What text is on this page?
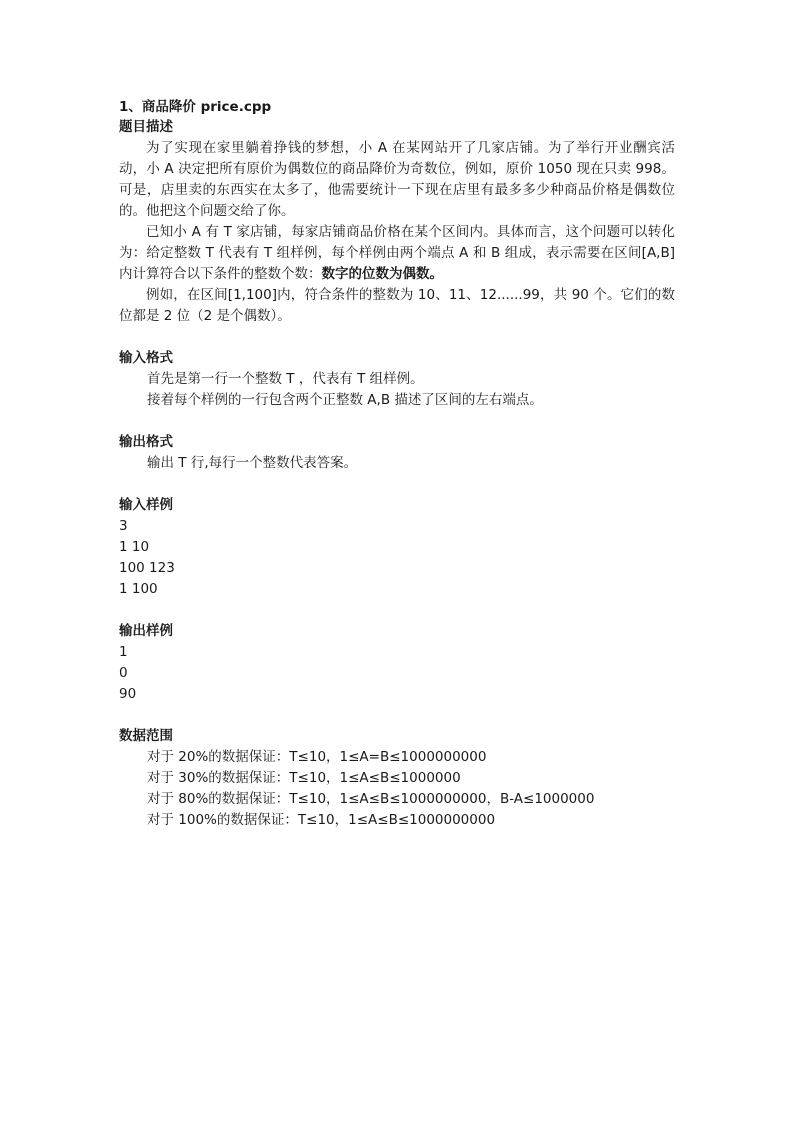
1、商品降价 price.cpp

题目描述

为了实现在家里躺着挣钱的梦想，小 A 在某网站开了几家店铺。为了举行开业酬宾活动，小 A 决定把所有原价为偶数位的商品降价为奇数位，例如，原价 1050 现在只卖 998。可是，店里卖的东西实在太多了，他需要统计一下现在店里有最多多少种商品价格是偶数位的。他把这个问题交给了你。

已知小 A 有 T 家店铺，每家店铺商品价格在某个区间内。具体而言，这个问题可以转化为：给定整数 T 代表有 T 组样例，每个样例由两个端点 A 和 B 组成，表示需要在区间[A,B]内计算符合以下条件的整数个数：数字的位数为偶数。

例如，在区间[1,100]内，符合条件的整数为 10、11、12......99，共 90 个。它们的数位都是 2 位（2 是个偶数）。

输入格式

首先是第一行一个整数 T ，代表有 T 组样例。

接着每个样例的一行包含两个正整数 A,B 描述了区间的左右端点。

输出格式

输出 T 行,每行一个整数代表答案。

输入样例

3

1 10

100 123

1 100

输出样例

1

0

90

数据范围

对于 20%的数据保证：T≤10，1≤A=B≤1000000000

对于 30%的数据保证：T≤10，1≤A≤B≤1000000

对于 80%的数据保证：T≤10，1≤A≤B≤1000000000，B-A≤1000000

对于 100%的数据保证：T≤10，1≤A≤B≤1000000000
